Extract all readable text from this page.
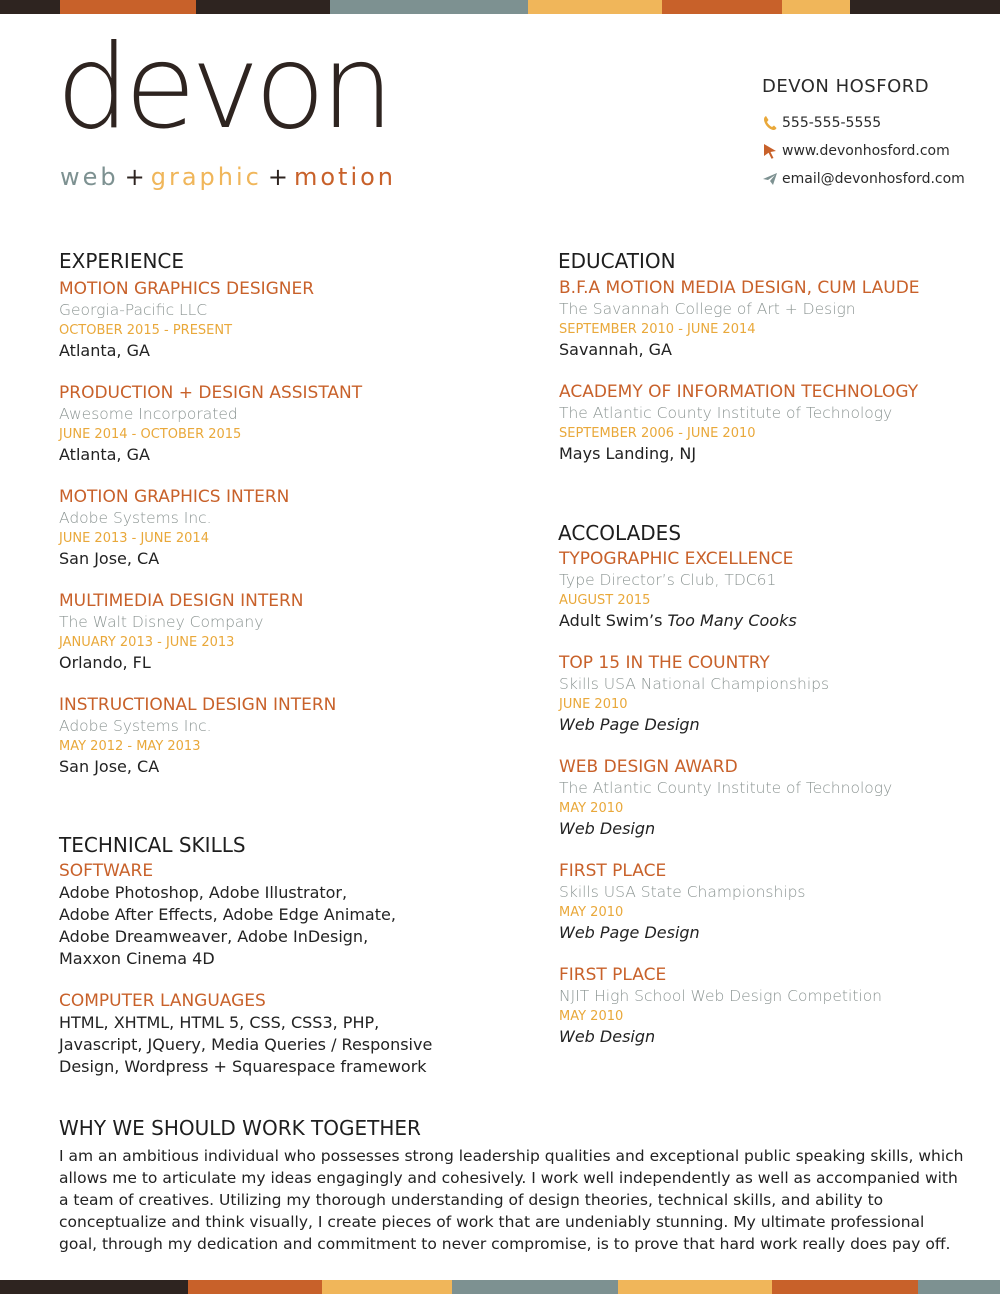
devon
web + graphic + motion
DEVON HOSFORD
555-555-5555
www.devonhosford.com
email@devonhosford.com
EXPERIENCE
MOTION GRAPHICS DESIGNER
Georgia-Pacific LLC
OCTOBER 2015 - PRESENT
Atlanta, GA
PRODUCTION + DESIGN ASSISTANT
Awesome Incorporated
JUNE 2014 - OCTOBER 2015
Atlanta, GA
MOTION GRAPHICS INTERN
Adobe Systems Inc.
JUNE 2013 - JUNE 2014
San Jose, CA
MULTIMEDIA DESIGN INTERN
The Walt Disney Company
JANUARY 2013 - JUNE 2013
Orlando, FL
INSTRUCTIONAL DESIGN INTERN
Adobe Systems Inc.
MAY 2012 - MAY 2013
San Jose, CA
TECHNICAL SKILLS
SOFTWARE
Adobe Photoshop, Adobe Illustrator,
Adobe After Effects, Adobe Edge Animate,
Adobe Dreamweaver, Adobe InDesign,
Maxxon Cinema 4D
COMPUTER LANGUAGES
HTML, XHTML, HTML 5, CSS, CSS3, PHP,
Javascript, JQuery, Media Queries / Responsive
Design, Wordpress + Squarespace framework
EDUCATION
B.F.A MOTION MEDIA DESIGN, CUM LAUDE
The Savannah College of Art + Design
SEPTEMBER 2010 - JUNE 2014
Savannah, GA
ACADEMY OF INFORMATION TECHNOLOGY
The Atlantic County Institute of Technology
SEPTEMBER 2006 - JUNE 2010
Mays Landing, NJ
ACCOLADES
TYPOGRAPHIC EXCELLENCE
Type Director’s Club, TDC61
AUGUST 2015
Adult Swim’s Too Many Cooks
TOP 15 IN THE COUNTRY
Skills USA National Championships
JUNE 2010
Web Page Design
WEB DESIGN AWARD
The Atlantic County Institute of Technology
MAY 2010
Web Design
FIRST PLACE
Skills USA State Championships
MAY 2010
Web Page Design
FIRST PLACE
NJIT High School Web Design Competition
MAY 2010
Web Design
WHY WE SHOULD WORK TOGETHER
I am an ambitious individual who possesses strong leadership qualities and exceptional public speaking skills, which
allows me to articulate my ideas engagingly and cohesively. I work well independently as well as accompanied with
a team of creatives. Utilizing my thorough understanding of design theories, technical skills, and ability to
conceptualize and think visually, I create pieces of work that are undeniably stunning. My ultimate professional
goal, through my dedication and commitment to never compromise, is to prove that hard work really does pay off.
